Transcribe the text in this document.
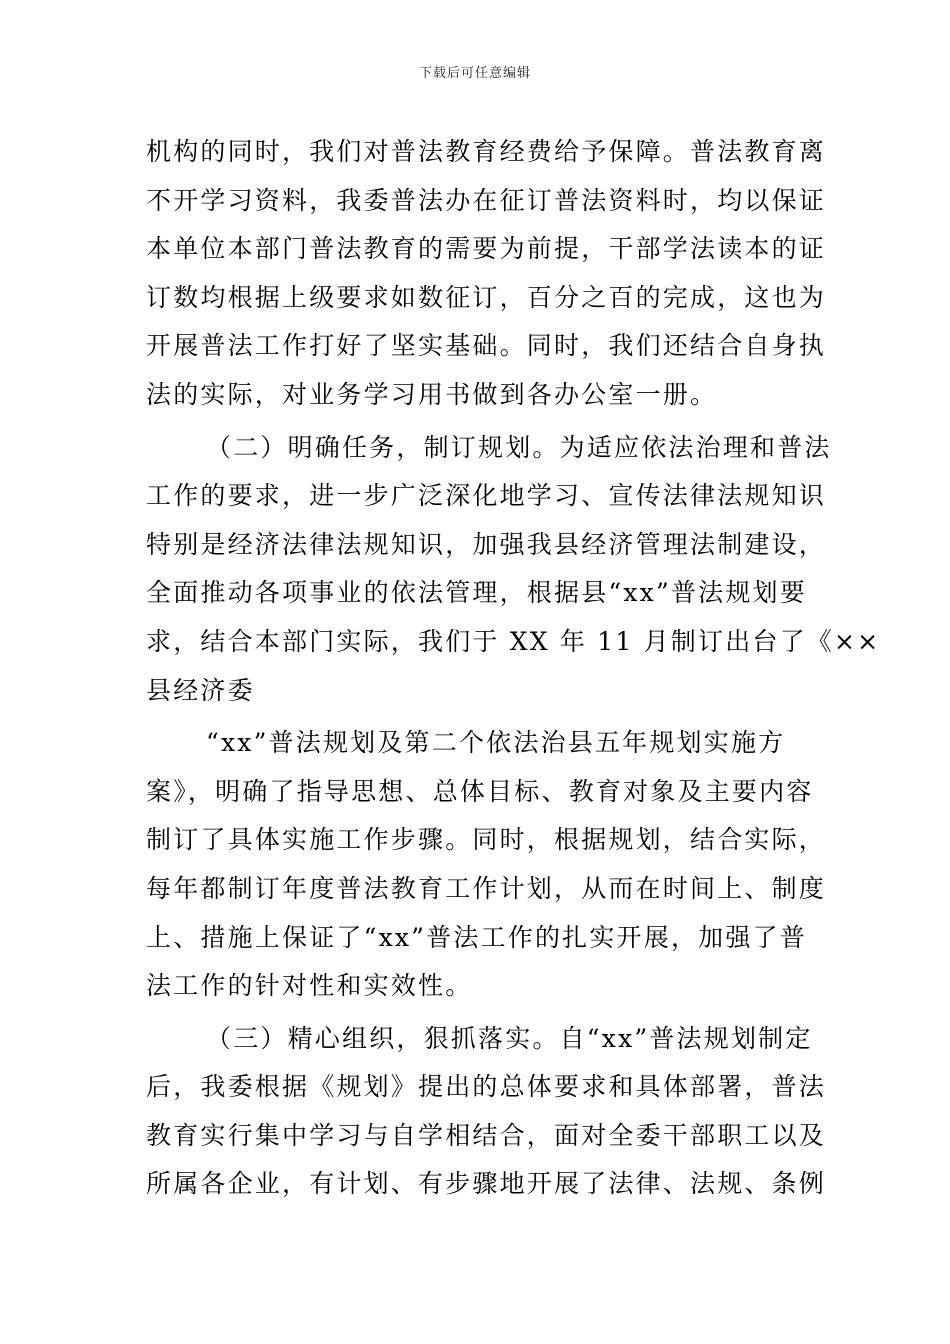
下载后可任意编辑
机构的同时，我们对普法教育经费给予保障。普法教育离
不开学习资料，我委普法办在征订普法资料时，均以保证
本单位本部门普法教育的需要为前提，干部学法读本的证
订数均根据上级要求如数征订，百分之百的完成，这也为
开展普法工作打好了坚实基础。同时，我们还结合自身执
法的实际，对业务学习用书做到各办公室一册。
（二）明确任务，制订规划。为适应依法治理和普法
工作的要求，进一步广泛深化地学习、宣传法律法规知识
特别是经济法律法规知识，加强我县经济管理法制建设，
全面推动各项事业的依法管理，根据县“xx”普法规划要
求，结合本部门实际，我们于 XX 年 11 月制订出台了《××
县经济委
“xx”普法规划及第二个依法治县五年规划实施方
案》，明确了指导思想、总体目标、教育对象及主要内容
制订了具体实施工作步骤。同时，根据规划，结合实际，
每年都制订年度普法教育工作计划，从而在时间上、制度
上、措施上保证了“xx”普法工作的扎实开展，加强了普
法工作的针对性和实效性。
（三）精心组织，狠抓落实。自“xx”普法规划制定
后，我委根据《规划》提出的总体要求和具体部署，普法
教育实行集中学习与自学相结合，面对全委干部职工以及
所属各企业，有计划、有步骤地开展了法律、法规、条例
